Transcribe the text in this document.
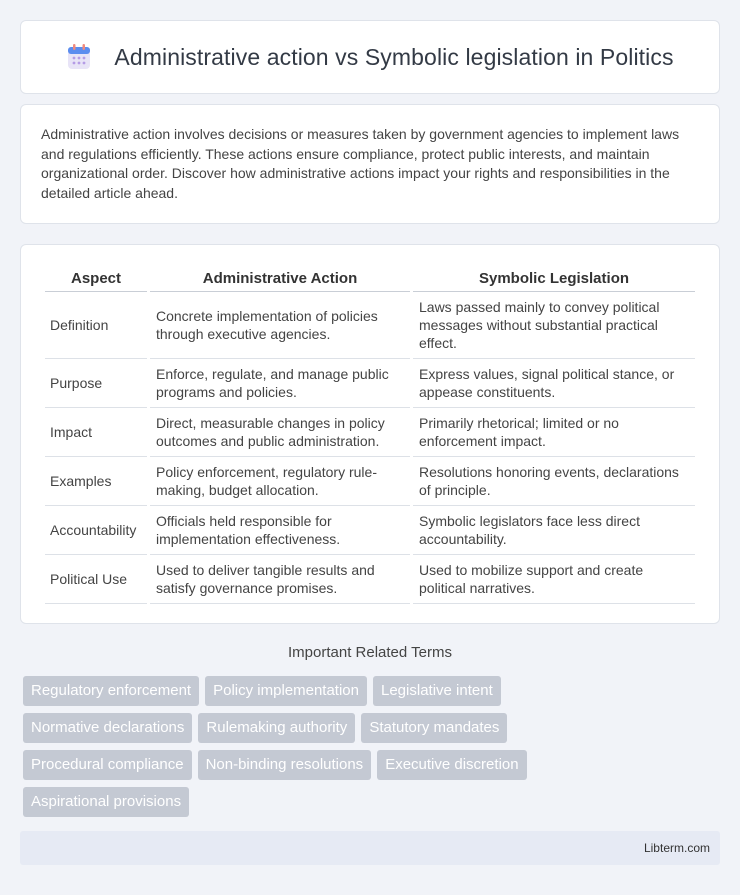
Administrative action vs Symbolic legislation in Politics

Administrative action involves decisions or measures taken by government agencies to implement laws and regulations efficiently. These actions ensure compliance, protect public interests, and maintain organizational order. Discover how administrative actions impact your rights and responsibilities in the detailed article ahead.

Aspect	Administrative Action	Symbolic Legislation
Definition	Concrete implementation of policies through executive agencies.	Laws passed mainly to convey political messages without substantial practical effect.
Purpose	Enforce, regulate, and manage public programs and policies.	Express values, signal political stance, or appease constituents.
Impact	Direct, measurable changes in policy outcomes and public administration.	Primarily rhetorical; limited or no enforcement impact.
Examples	Policy enforcement, regulatory rule-making, budget allocation.	Resolutions honoring events, declarations of principle.
Accountability	Officials held responsible for implementation effectiveness.	Symbolic legislators face less direct accountability.
Political Use	Used to deliver tangible results and satisfy governance promises.	Used to mobilize support and create political narratives.
Important Related Terms
Regulatory enforcement	Policy implementation	Legislative intent
Normative declarations	Rulemaking authority	Statutory mandates
Procedural compliance	Non-binding resolutions	Executive discretion
Aspirational provisions
Libterm.com
